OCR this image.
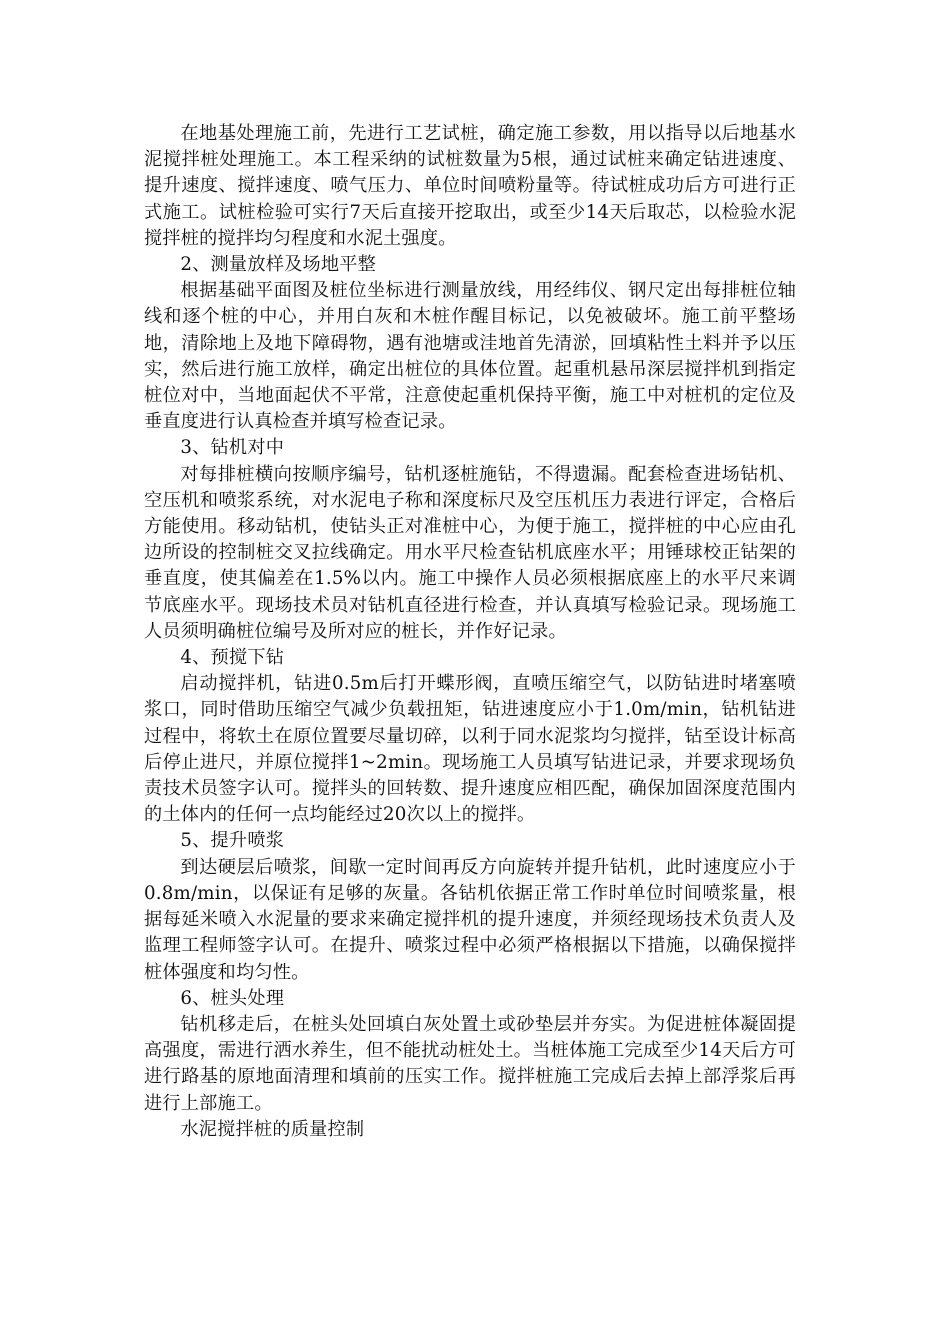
在地基处理施工前，先进行工艺试桩，确定施工参数，用以指导以后地基水泥搅拌桩处理施工。本工程采纳的试桩数量为5根，通过试桩来确定钻进速度、提升速度、搅拌速度、喷气压力、单位时间喷粉量等。待试桩成功后方可进行正式施工。试桩检验可实行7天后直接开挖取出，或至少14天后取芯，以检验水泥搅拌桩的搅拌均匀程度和水泥土强度。

2、测量放样及场地平整

根据基础平面图及桩位坐标进行测量放线，用经纬仪、钢尺定出每排桩位轴线和逐个桩的中心，并用白灰和木桩作醒目标记，以免被破坏。施工前平整场地，清除地上及地下障碍物，遇有池塘或洼地首先清淤，回填粘性土料并予以压实，然后进行施工放样，确定出桩位的具体位置。起重机悬吊深层搅拌机到指定桩位对中，当地面起伏不平常，注意使起重机保持平衡，施工中对桩机的定位及垂直度进行认真检查并填写检查记录。

3、钻机对中

对每排桩横向按顺序编号，钻机逐桩施钻，不得遗漏。配套检查进场钻机、空压机和喷浆系统，对水泥电子称和深度标尺及空压机压力表进行评定，合格后方能使用。移动钻机，使钻头正对准桩中心，为便于施工，搅拌桩的中心应由孔边所设的控制桩交叉拉线确定。用水平尺检查钻机底座水平；用锤球校正钻架的垂直度，使其偏差在1.5%以内。施工中操作人员必须根据底座上的水平尺来调节底座水平。现场技术员对钻机直径进行检查，并认真填写检验记录。现场施工人员须明确桩位编号及所对应的桩长，并作好记录。

4、预搅下钻

启动搅拌机，钻进0.5m后打开蝶形阀，直喷压缩空气，以防钻进时堵塞喷浆口，同时借助压缩空气减少负载扭矩，钻进速度应小于1.0m/min，钻机钻进过程中，将软土在原位置要尽量切碎，以利于同水泥浆均匀搅拌，钻至设计标高后停止进尺，并原位搅拌1~2min。现场施工人员填写钻进记录，并要求现场负责技术员签字认可。搅拌头的回转数、提升速度应相匹配，确保加固深度范围内的土体内的任何一点均能经过20次以上的搅拌。

5、提升喷浆

到达硬层后喷浆，间歇一定时间再反方向旋转并提升钻机，此时速度应小于0.8m/min，以保证有足够的灰量。各钻机依据正常工作时单位时间喷浆量，根据每延米喷入水泥量的要求来确定搅拌机的提升速度，并须经现场技术负责人及监理工程师签字认可。在提升、喷浆过程中必须严格根据以下措施，以确保搅拌桩体强度和均匀性。

6、桩头处理

钻机移走后，在桩头处回填白灰处置土或砂垫层并夯实。为促进桩体凝固提高强度，需进行洒水养生，但不能扰动桩处土。当桩体施工完成至少14天后方可进行路基的原地面清理和填前的压实工作。搅拌桩施工完成后去掉上部浮浆后再进行上部施工。

水泥搅拌桩的质量控制
